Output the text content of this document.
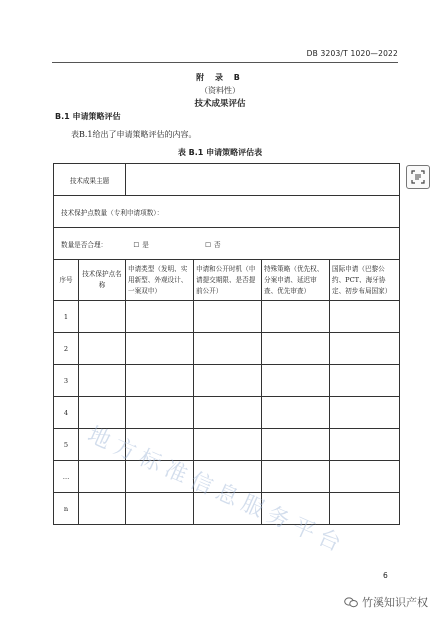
DB 3203/T 1020—2022
附 录 B
（资料性）
技术成果评估
B.1 申请策略评估
表B.1给出了申请策略评估的内容。
表 B.1 申请策略评估表
技术成果主题					
技术保护点数量（专利申请项数）：					
数量是否合理： ☐ 是 ☐ 否					
序号	技术保护点名称	申请类型（发明、实用新型、外观设计、一案双申）	申请和公开时机（申请提交期限、是否提前公开）	特殊策略（优先权、分案申请、延迟审查、优先审查）	国际申请（巴黎公约、PCT、海牙协定、初步布局国家）
1					
2					
3					
4					
5					
…					
n					地方标准信息服务平台
6
竹溪知识产权
